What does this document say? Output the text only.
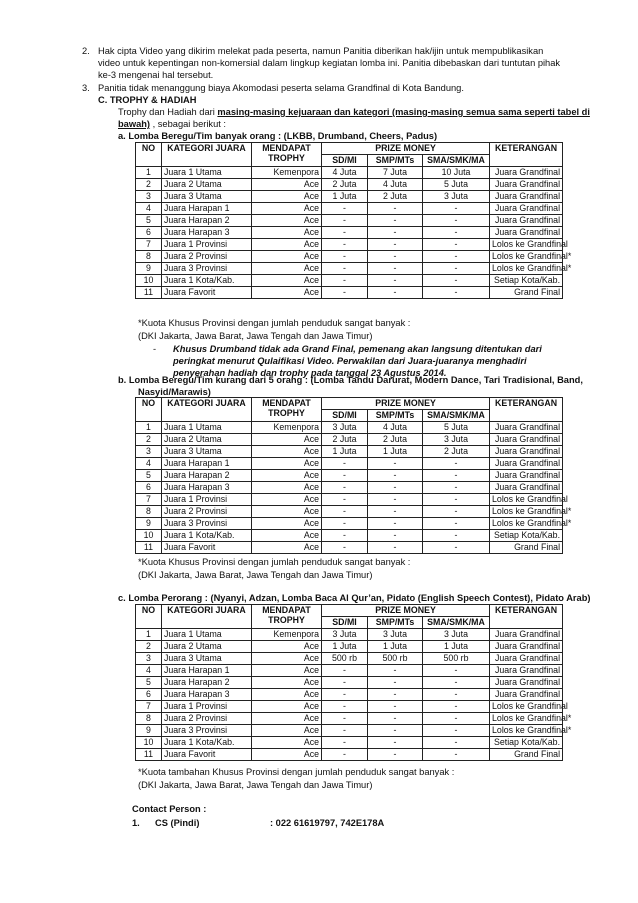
2. Hak cipta Video yang dikirim melekat pada peserta, namun Panitia diberikan hak/ijin untuk mempublikasikan video untuk kepentingan non-komersial dalam lingkup kegiatan lomba ini. Panitia dibebaskan dari tuntutan pihak ke-3 mengenai hal tersebut.
3. Panitia tidak menanggung biaya Akomodasi peserta selama Grandfinal di Kota Bandung.
C. TROPHY & HADIAH
Trophy dan Hadiah dari masing-masing kejuaraan dan kategori (masing-masing semua sama seperti tabel di
bawah) , sebagai berikut :
a. Lomba Beregu/Tim banyak orang : (LKBB, Drumband, Cheers, Padus)
NO	KATEGORI JUARA	MENDAPAT
TROPHY	PRIZE MONEY			KETERANGAN
			SD/MI	SMP/MTs	SMA/SMK/MA	
1	Juara 1 Utama	Kemenpora	4 Juta	7 Juta	10 Juta	Juara Grandfinal
2	Juara 2 Utama	Ace	2 Juta	4 Juta	5 Juta	Juara Grandfinal
3	Juara 3 Utama	Ace	1 Juta	2 Juta	3 Juta	Juara Grandfinal
4	Juara Harapan 1	Ace	-	-	-	Juara Grandfinal
5	Juara Harapan 2	Ace	-	-	-	Juara Grandfinal
6	Juara Harapan 3	Ace	-	-	-	Juara Grandfinal
7	Juara 1 Provinsi	Ace	-	-	-	Lolos ke Grandfinal
8	Juara 2 Provinsi	Ace	-	-	-	Lolos ke Grandfinal*
9	Juara 3 Provinsi	Ace	-	-	-	Lolos ke Grandfinal*
10	Juara 1 Kota/Kab.	Ace	-	-	-	Setiap Kota/Kab.
11	Juara Favorit	Ace	-	-	-	Grand Final
*Kuota Khusus Provinsi dengan jumlah penduduk sangat banyak :
(DKI Jakarta, Jawa Barat, Jawa Tengah dan Jawa Timur)
- Khusus Drumband tidak ada Grand Final, pemenang akan langsung ditentukan dari peringkat menurut Qulaifikasi Video. Perwakilan dari Juara-juaranya menghadiri penyerahan hadiah dan trophy pada tanggal 23 Agustus 2014.
b. Lomba Beregu/Tim kurang dari 5 orang : (Lomba Tandu Darurat, Modern Dance, Tari Tradisional, Band,
Nasyid/Marawis)
NO	KATEGORI JUARA	MENDAPAT
TROPHY	PRIZE MONEY			KETERANGAN
			SD/MI	SMP/MTs	SMA/SMK/MA	
1	Juara 1 Utama	Kemenpora	3 Juta	4 Juta	5 Juta	Juara Grandfinal
2	Juara 2 Utama	Ace	2 Juta	2 Juta	3 Juta	Juara Grandfinal
3	Juara 3 Utama	Ace	1 Juta	1 Juta	2 Juta	Juara Grandfinal
4	Juara Harapan 1	Ace	-	-	-	Juara Grandfinal
5	Juara Harapan 2	Ace	-	-	-	Juara Grandfinal
6	Juara Harapan 3	Ace	-	-	-	Juara Grandfinal
7	Juara 1 Provinsi	Ace	-	-	-	Lolos ke Grandfinal
8	Juara 2 Provinsi	Ace	-	-	-	Lolos ke Grandfinal*
9	Juara 3 Provinsi	Ace	-	-	-	Lolos ke Grandfinal*
10	Juara 1 Kota/Kab.	Ace	-	-	-	Setiap Kota/Kab.
11	Juara Favorit	Ace	-	-	-	Grand Final
*Kuota Khusus Provinsi dengan jumlah penduduk sangat banyak :
(DKI Jakarta, Jawa Barat, Jawa Tengah dan Jawa Timur)
c. Lomba Perorang : (Nyanyi, Adzan, Lomba Baca Al Qur’an, Pidato (English Speech Contest), Pidato Arab)
NO	KATEGORI JUARA	MENDAPAT
TROPHY	PRIZE MONEY			KETERANGAN
			SD/MI	SMP/MTs	SMA/SMK/MA	
1	Juara 1 Utama	Kemenpora	3 Juta	3 Juta	3 Juta	Juara Grandfinal
2	Juara 2 Utama	Ace	1 Juta	1 Juta	1 Juta	Juara Grandfinal
3	Juara 3 Utama	Ace	500 rb	500 rb	500 rb	Juara Grandfinal
4	Juara Harapan 1	Ace	-	-	-	Juara Grandfinal
5	Juara Harapan 2	Ace	-	-	-	Juara Grandfinal
6	Juara Harapan 3	Ace	-	-	-	Juara Grandfinal
7	Juara 1 Provinsi	Ace	-	-	-	Lolos ke Grandfinal
8	Juara 2 Provinsi	Ace	-	-	-	Lolos ke Grandfinal*
9	Juara 3 Provinsi	Ace	-	-	-	Lolos ke Grandfinal*
10	Juara 1 Kota/Kab.	Ace	-	-	-	Setiap Kota/Kab.
11	Juara Favorit	Ace	-	-	-	Grand Final
*Kuota tambahan Khusus Provinsi dengan jumlah penduduk sangat banyak :
(DKI Jakarta, Jawa Barat, Jawa Tengah dan Jawa Timur)
Contact Person :
1. CS (Pindi)	: 022 61619797, 742E178A
